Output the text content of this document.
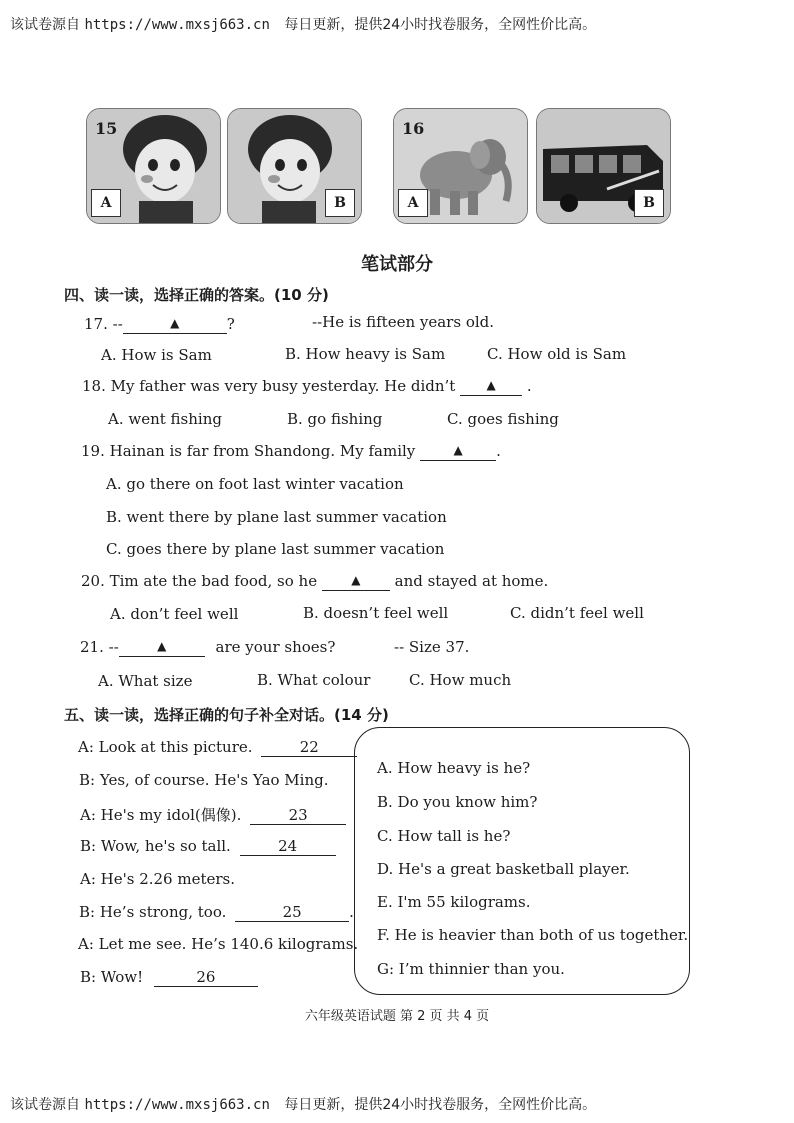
该试卷源自 https://www.mxsj663.cn 每日更新，提供24小时找卷服务，全网性价比高。
15
A	B
16
A	B
笔试部分
四、读一读，选择正确的答案。(10 分)
17. --	▲	?	--He is fifteen years old.
A. How is Sam	B. How heavy is Sam	C. How old is Sam
18. My father was very busy yesterday. He didn’t	▲ .
A. went fishing	B. go fishing	C. goes fishing
19. Hainan is far from Shandong. My family	▲ .
A. go there on foot last winter vacation
B. went there by plane last summer vacation
C. goes there by plane last summer vacation
20. Tim ate the bad food, so he	▲ and stayed at home.
A. don’t feel well	B. doesn’t feel well	C. didn’t feel well
21. --	▲	are your shoes?	-- Size 37.
A. What size	B. What colour	C. How much
五、读一读，选择正确的句子补全对话。(14 分)
A: Look at this picture.	22
B: Yes, of course. He's Yao Ming.
A: He's my idol(偶像).	23
B: Wow, he's so tall.	24
A: He's 2.26 meters.
B: He’s strong, too.	25	.
A: Let me see. He’s 140.6 kilograms.
B: Wow!	26
A. How heavy is he?
B. Do you know him?
C. How tall is he?
D. He's a great basketball player.
E. I'm 55 kilograms.
F. He is heavier than both of us together.
G: I’m thinnier than you.
六年级英语试题 第 2 页 共 4 页
该试卷源自 https://www.mxsj663.cn 每日更新，提供24小时找卷服务，全网性价比高。
